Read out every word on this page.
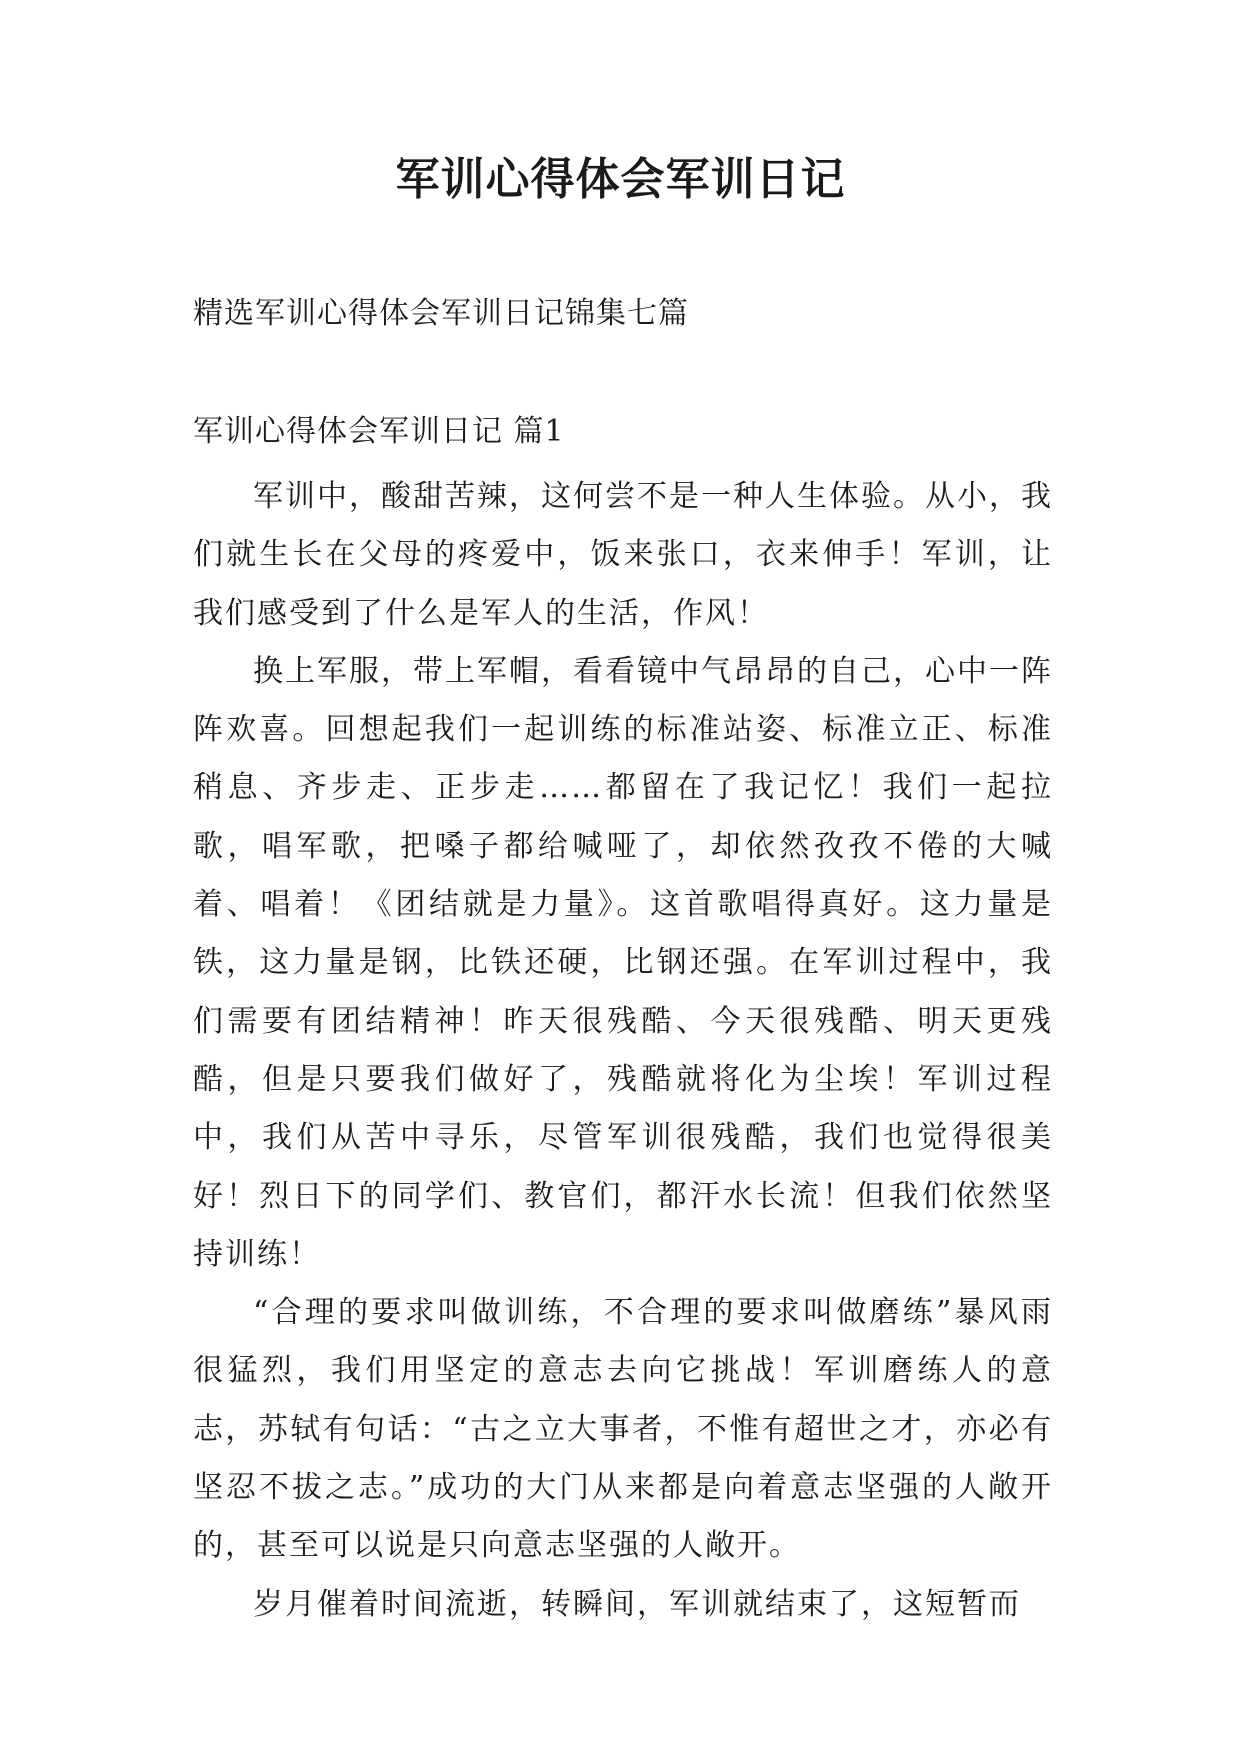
军训心得体会军训日记

精选军训心得体会军训日记锦集七篇

军训心得体会军训日记 篇1

军训中，酸甜苦辣，这何尝不是一种人生体验。从小，我们就生长在父母的疼爱中，饭来张口，衣来伸手！军训，让我们感受到了什么是军人的生活，作风！

换上军服，带上军帽，看看镜中气昂昂的自己，心中一阵阵欢喜。回想起我们一起训练的标准站姿、标准立正、标准稍息、齐步走、正步走……都留在了我记忆！我们一起拉歌，唱军歌，把嗓子都给喊哑了，却依然孜孜不倦的大喊着、唱着！《团结就是力量》。这首歌唱得真好。这力量是铁，这力量是钢，比铁还硬，比钢还强。在军训过程中，我们需要有团结精神！昨天很残酷、今天很残酷、明天更残酷，但是只要我们做好了，残酷就将化为尘埃！军训过程中，我们从苦中寻乐，尽管军训很残酷，我们也觉得很美好！烈日下的同学们、教官们，都汗水长流！但我们依然坚持训练！

“合理的要求叫做训练，不合理的要求叫做磨练”暴风雨很猛烈，我们用坚定的意志去向它挑战！军训磨练人的意志，苏轼有句话：“古之立大事者，不惟有超世之才，亦必有坚忍不拔之志。”成功的大门从来都是向着意志坚强的人敞开的，甚至可以说是只向意志坚强的人敞开。

岁月催着时间流逝，转瞬间，军训就结束了，这短暂而
